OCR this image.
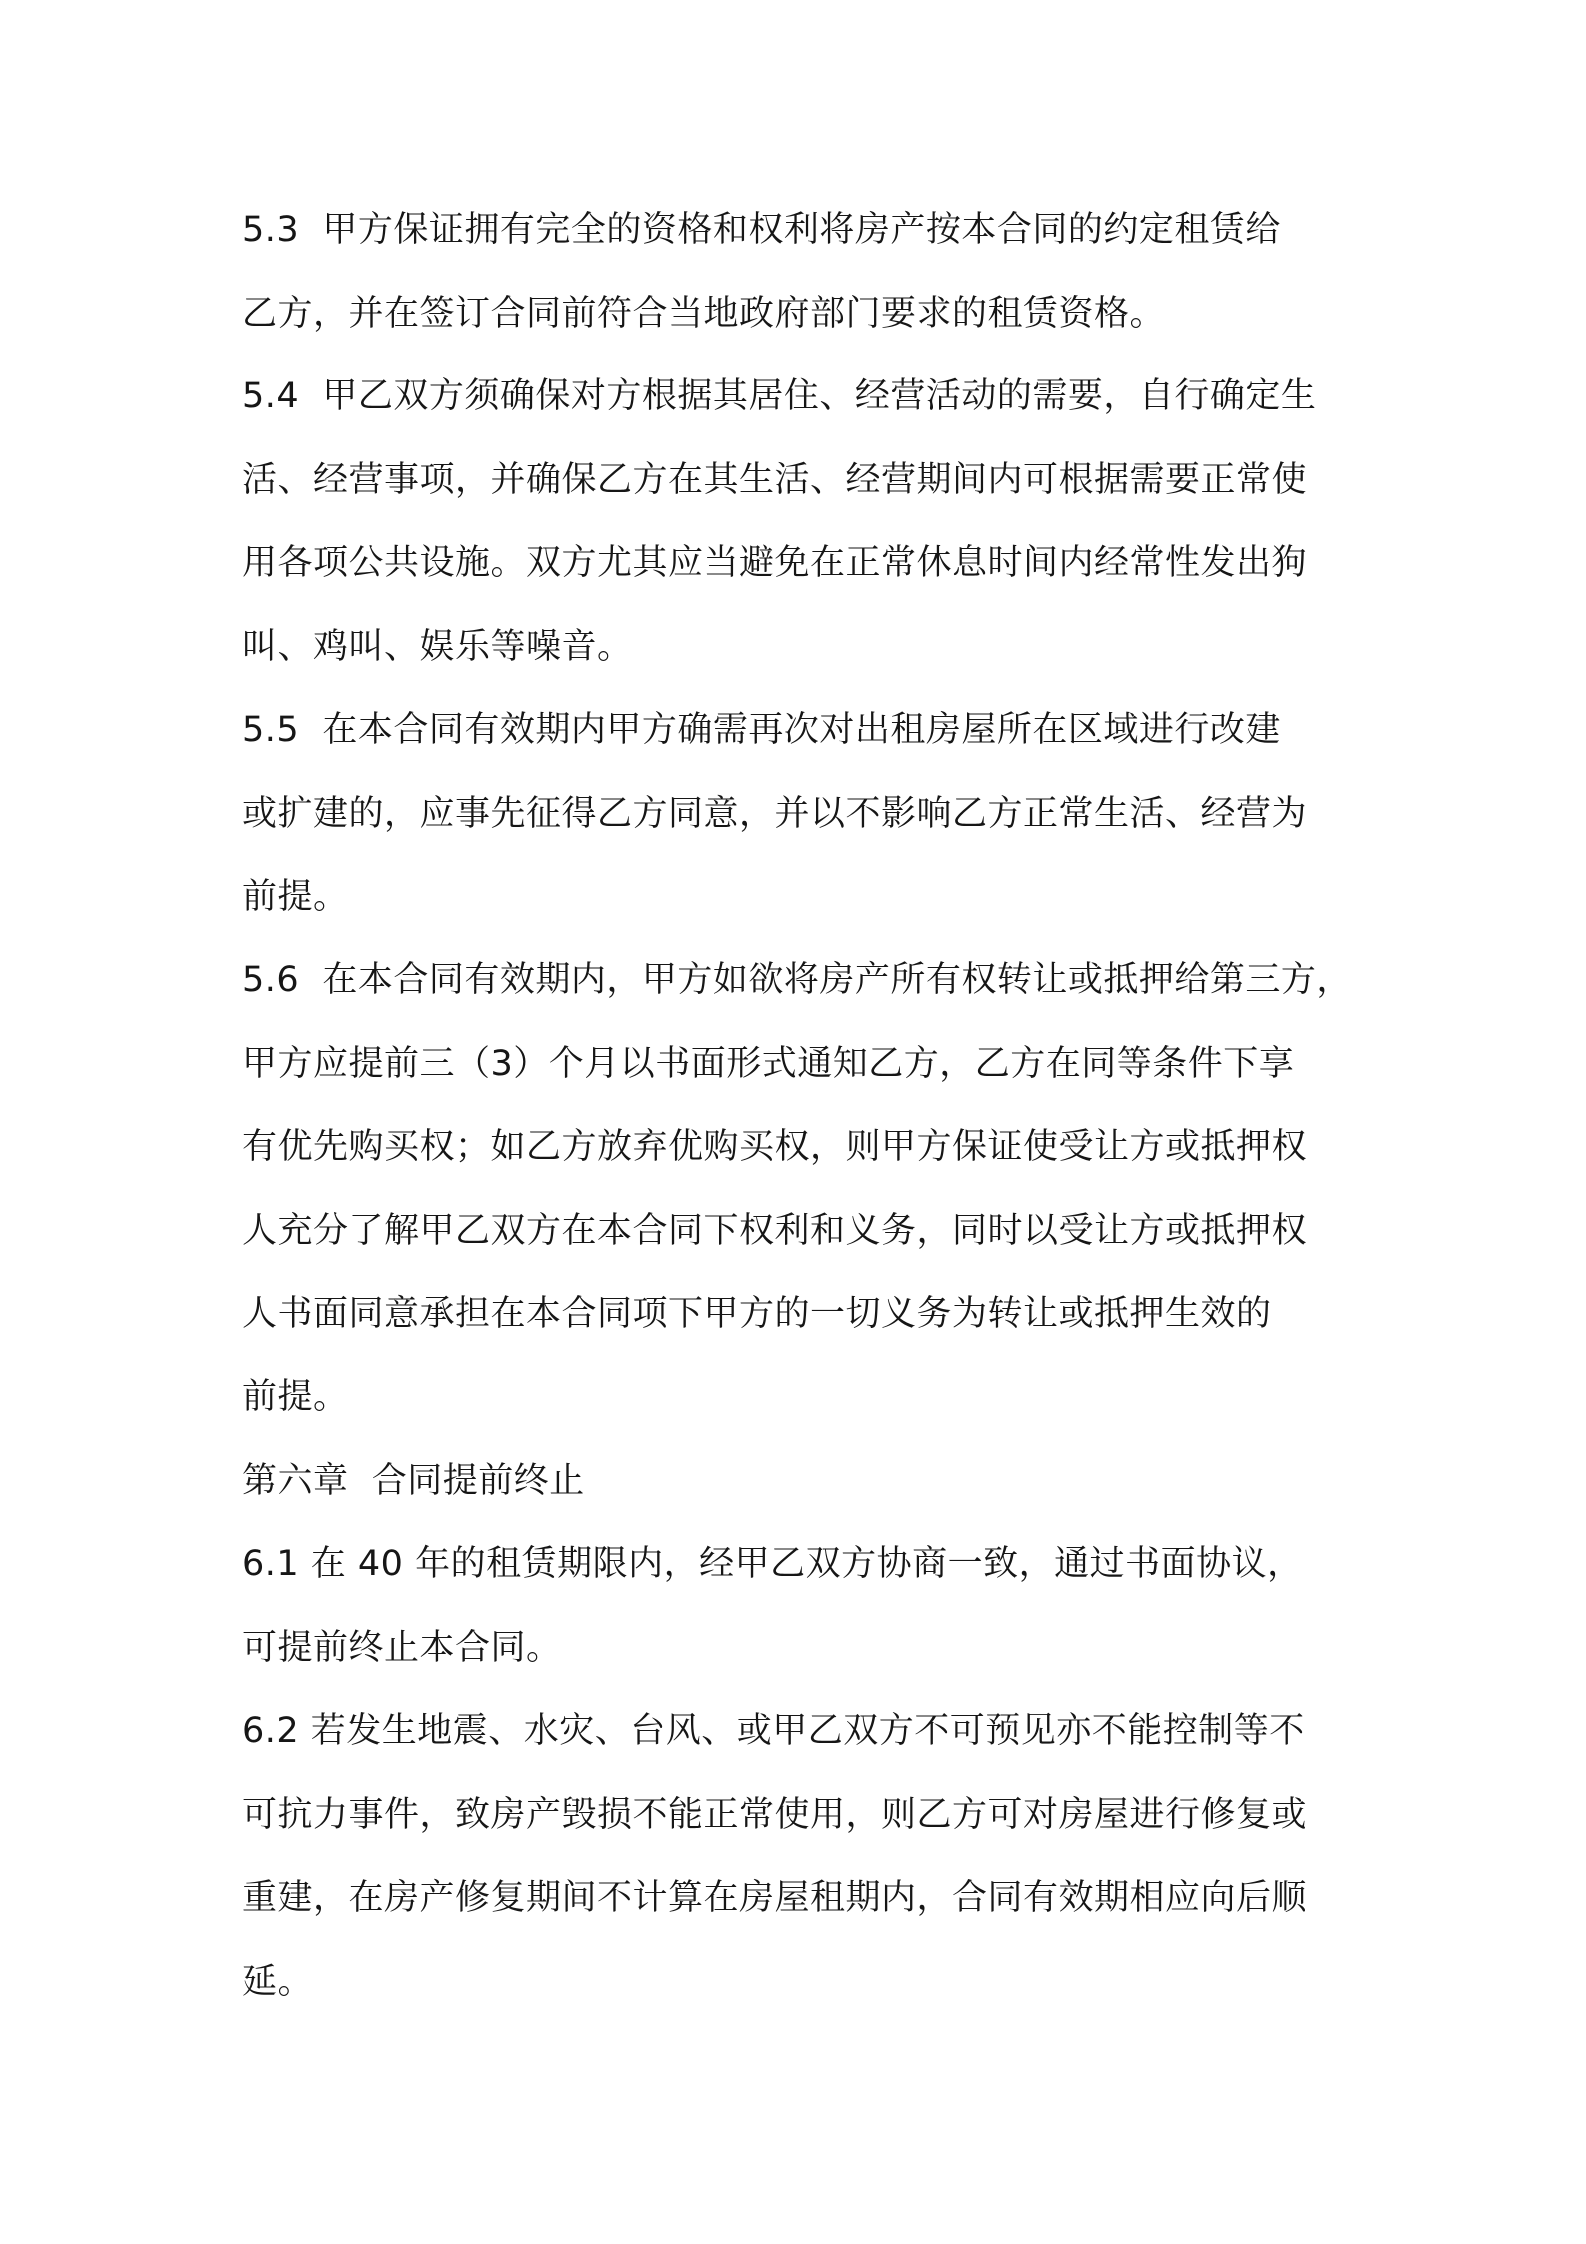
5.3  甲方保证拥有完全的资格和权利将房产按本合同的约定租赁给
乙方，并在签订合同前符合当地政府部门要求的租赁资格。
5.4  甲乙双方须确保对方根据其居住、经营活动的需要，自行确定生
活、经营事项，并确保乙方在其生活、经营期间内可根据需要正常使
用各项公共设施。双方尤其应当避免在正常休息时间内经常性发出狗
叫、鸡叫、娱乐等噪音。
5.5  在本合同有效期内甲方确需再次对出租房屋所在区域进行改建
或扩建的，应事先征得乙方同意，并以不影响乙方正常生活、经营为
前提。
5.6  在本合同有效期内，甲方如欲将房产所有权转让或抵押给第三方，
甲方应提前三（3）个月以书面形式通知乙方，乙方在同等条件下享
有优先购买权；如乙方放弃优购买权，则甲方保证使受让方或抵押权
人充分了解甲乙双方在本合同下权利和义务，同时以受让方或抵押权
人书面同意承担在本合同项下甲方的一切义务为转让或抵押生效的
前提。
第六章  合同提前终止
6.1 在 40 年的租赁期限内，经甲乙双方协商一致，通过书面协议，
可提前终止本合同。
6.2 若发生地震、水灾、台风、或甲乙双方不可预见亦不能控制等不
可抗力事件，致房产毁损不能正常使用，则乙方可对房屋进行修复或
重建，在房产修复期间不计算在房屋租期内，合同有效期相应向后顺
延。
